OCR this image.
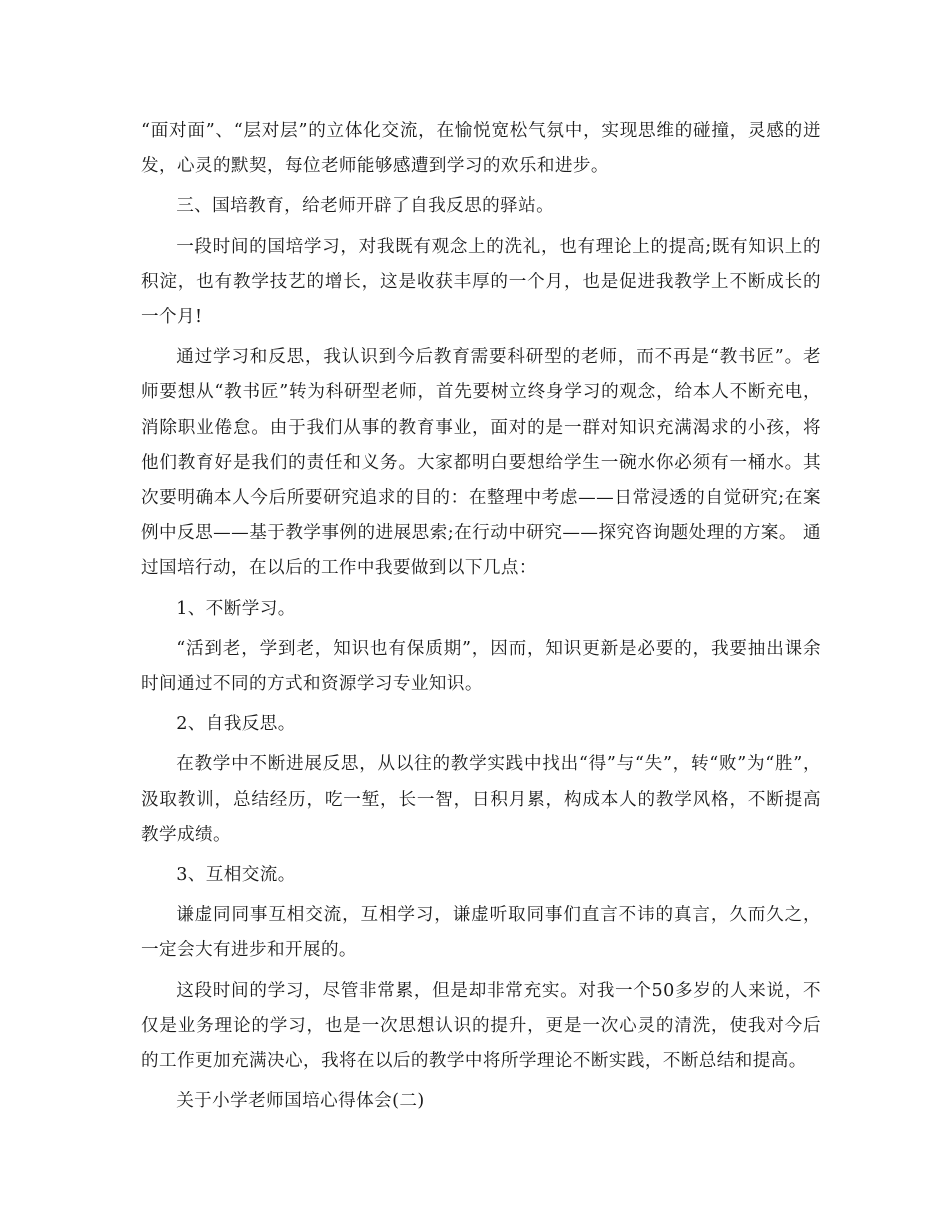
“面对面”、“层对层”的立体化交流，在愉悦宽松气氛中，实现思维的碰撞，灵感的迸发，心灵的默契，每位老师能够感遭到学习的欢乐和进步。

三、国培教育，给老师开辟了自我反思的驿站。

一段时间的国培学习，对我既有观念上的洗礼，也有理论上的提高;既有知识上的积淀，也有教学技艺的增长，这是收获丰厚的一个月，也是促进我教学上不断成长的一个月!

通过学习和反思，我认识到今后教育需要科研型的老师，而不再是“教书匠”。老师要想从“教书匠”转为科研型老师，首先要树立终身学习的观念，给本人不断充电，消除职业倦怠。由于我们从事的教育事业，面对的是一群对知识充满渴求的小孩，将他们教育好是我们的责任和义务。大家都明白要想给学生一碗水你必须有一桶水。其次要明确本人今后所要研究追求的目的：在整理中考虑——日常浸透的自觉研究;在案例中反思——基于教学事例的进展思索;在行动中研究——探究咨询题处理的方案。 通过国培行动，在以后的工作中我要做到以下几点：

1、不断学习。

“活到老，学到老，知识也有保质期”，因而，知识更新是必要的，我要抽出课余时间通过不同的方式和资源学习专业知识。

2、自我反思。

在教学中不断进展反思，从以往的教学实践中找出“得”与“失”，转“败”为“胜”，汲取教训，总结经历，吃一堑，长一智，日积月累，构成本人的教学风格，不断提高教学成绩。

3、互相交流。

谦虚同同事互相交流，互相学习，谦虚听取同事们直言不讳的真言，久而久之，一定会大有进步和开展的。

这段时间的学习，尽管非常累，但是却非常充实。对我一个50多岁的人来说，不仅是业务理论的学习，也是一次思想认识的提升，更是一次心灵的清洗，使我对今后的工作更加充满决心，我将在以后的教学中将所学理论不断实践，不断总结和提高。

关于小学老师国培心得体会(二)
